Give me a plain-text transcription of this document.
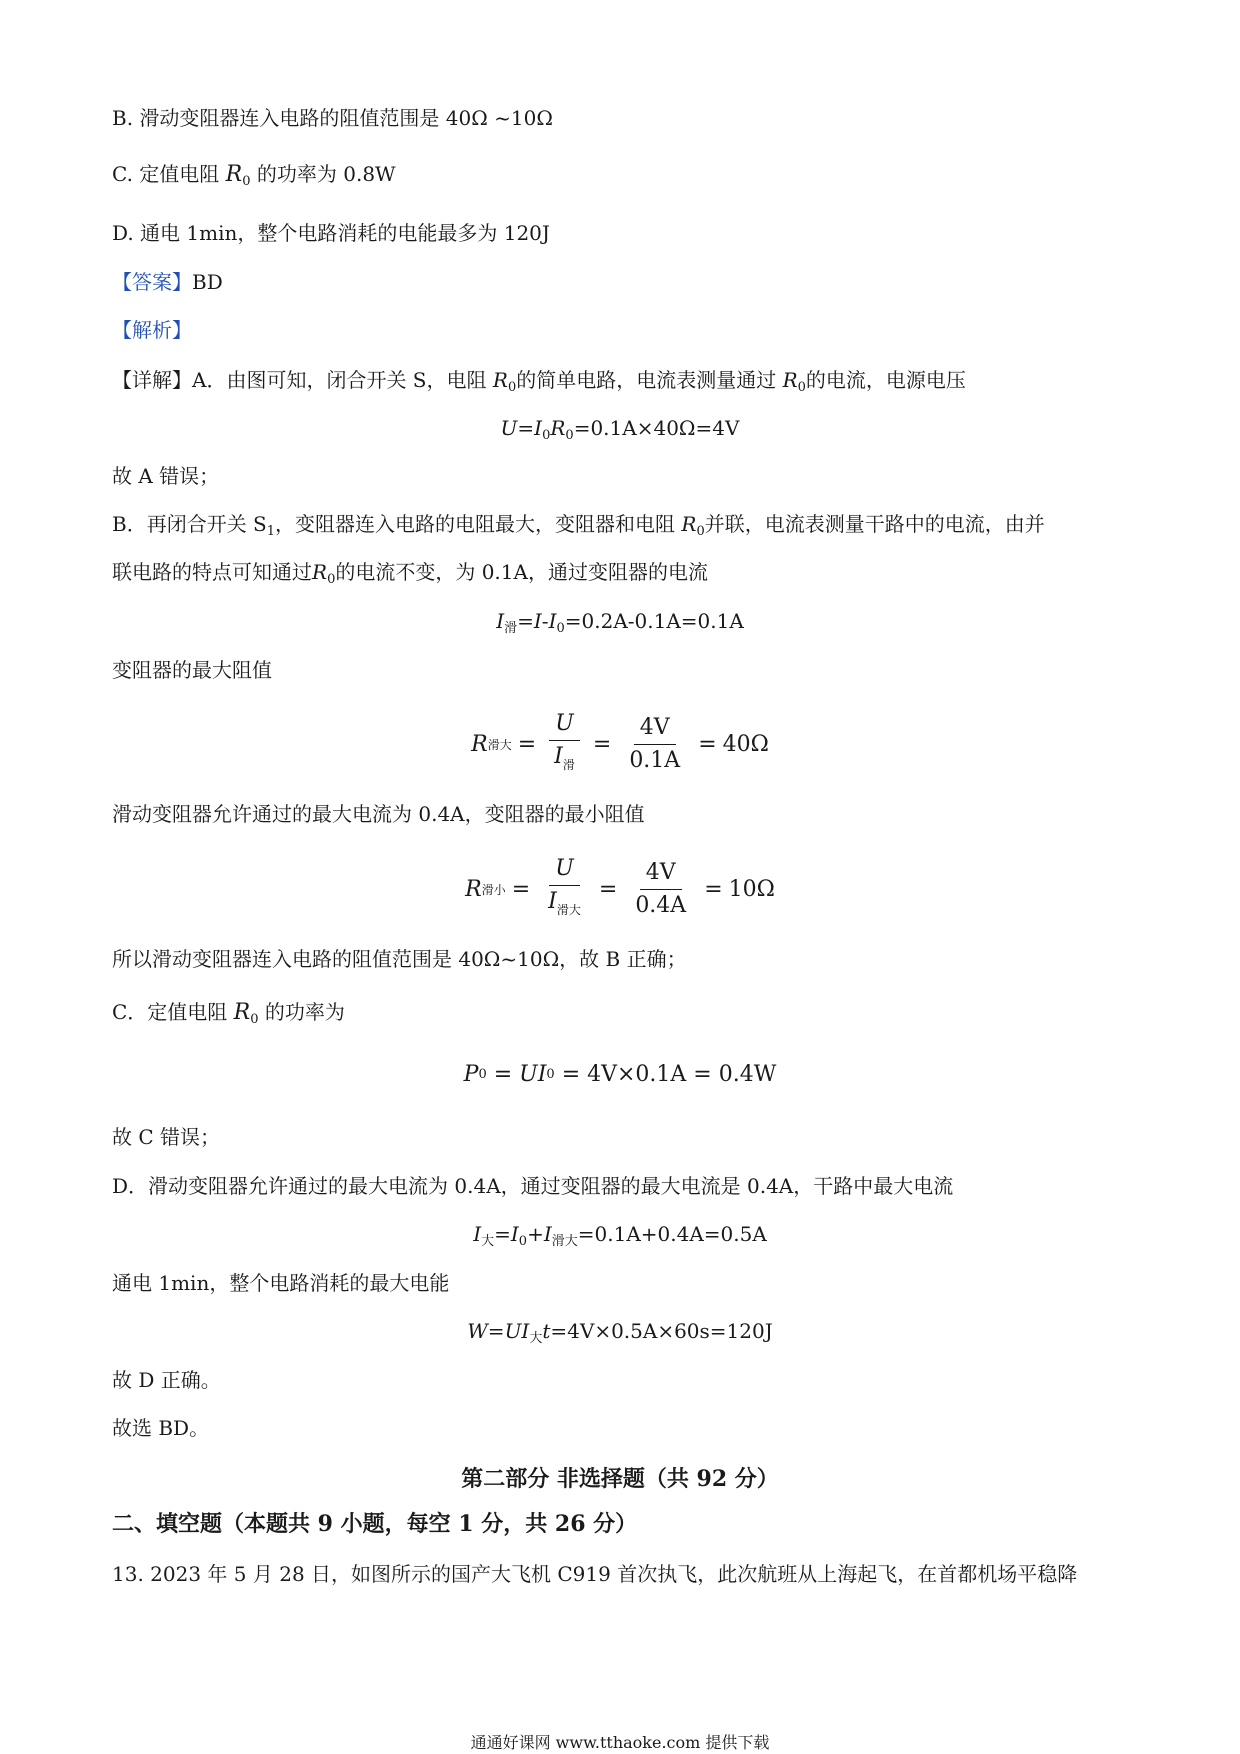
B. 滑动变阻器连入电路的阻值范围是 40Ω ~10Ω
C. 定值电阻 $R_0$ 的功率为 0.8W
D. 通电 1min，整个电路消耗的电能最多为 120J
【答案】BD
【解析】
【详解】A．由图可知，闭合开关 S，电阻 $R_0$的简单电路，电流表测量通过 $R_0$的电流，电源电压
$U=I_0R_0=0.1A\times 40\Omega=4V$
故 A 错误；
B．再闭合开关 $S_1$，变阻器连入电路的电阻最大，变阻器和电阻 $R_0$并联，电流表测量干路中的电流，由并
联电路的特点可知通过$R_0$的电流不变，为 0.1A，通过变阻器的电流
$I_滑=I-I_0=0.2A-0.1A=0.1A$
变阻器的最大阻值
R 滑大 = $\frac{U}{I_滑} = \frac{4V}{0.1A} = 40\Omega$
滑动变阻器允许通过的最大电流为 0.4A，变阻器的最小阻值
R 滑小 = $\frac{U}{I_{滑大}} = \frac{4V}{0.4A} = 10\Omega$
所以滑动变阻器连入电路的阻值范围是 40Ω~10Ω，故 B 正确；
C．定值电阻 $R_0$ 的功率为
P 0 = UI 0
= 4V×0.1A = 0.4W
故 C 错误；
D．滑动变阻器允许通过的最大电流为 0.4A，通过变阻器的最大电流是 0.4A，干路中最大电流
$I_大=I_0+I_{滑大}=0.1A+0.4A=0.5A$
通电 1min，整个电路消耗的最大电能
$W=UI_大t=4V\times 0.5A\times 60s=120J$
故 D 正确。
故选 BD。
第二部分 非选择题（共 92 分）
二、填空题（本题共 9 小题，每空 1 分，共 26 分）
13. 2023 年 5 月 28 日，如图所示的国产大飞机 C919 首次执飞，此次航班从上海起飞，在首都机场平稳降
通通好课网 www.tthaoke.com 提供下载
